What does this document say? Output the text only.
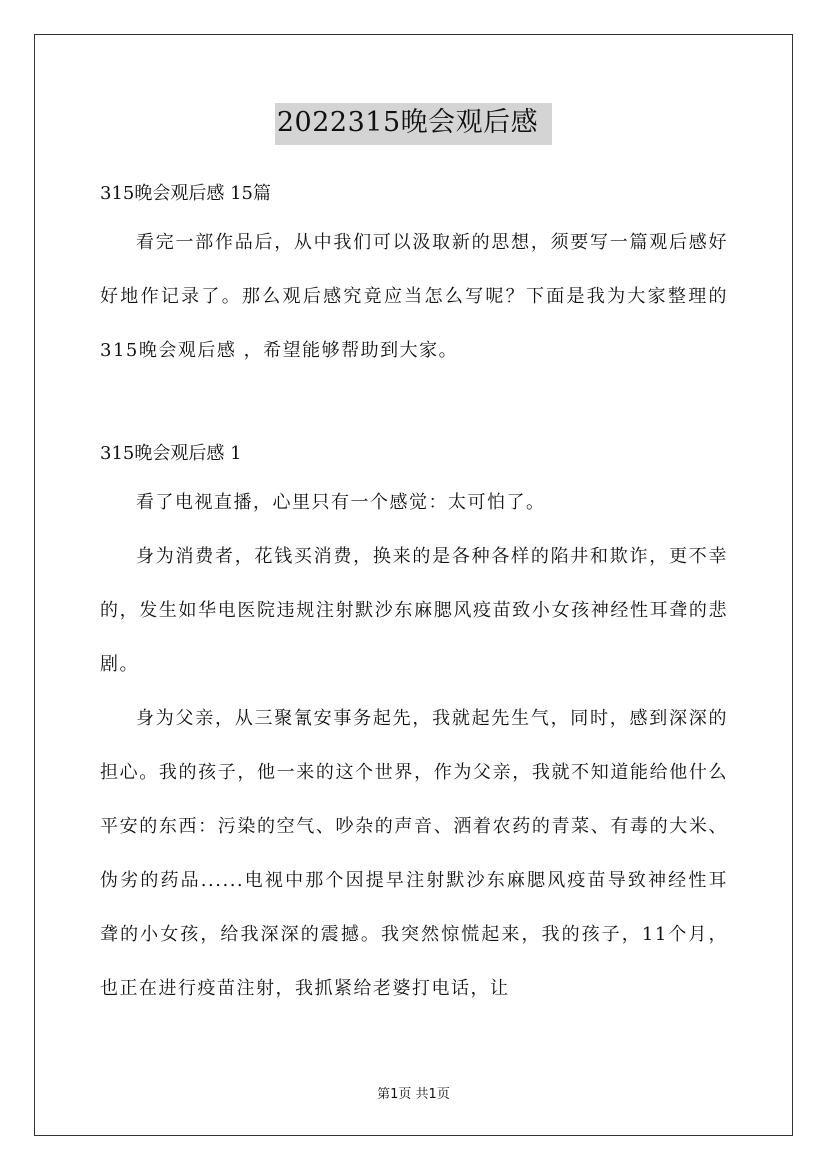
2022315晚会观后感

315晚会观后感 15篇

看完一部作品后，从中我们可以汲取新的思想，须要写一篇观后感好好地作记录了。那么观后感究竟应当怎么写呢？下面是我为大家整理的315晚会观后感 ，希望能够帮助到大家。

315晚会观后感 1

看了电视直播，心里只有一个感觉：太可怕了。

身为消费者，花钱买消费，换来的是各种各样的陷井和欺诈，更不幸的，发生如华电医院违规注射默沙东麻腮风疫苗致小女孩神经性耳聋的悲剧。

身为父亲，从三聚氰安事务起先，我就起先生气，同时，感到深深的担心。我的孩子，他一来的这个世界，作为父亲，我就不知道能给他什么平安的东西：污染的空气、吵杂的声音、洒着农药的青菜、有毒的大米、伪劣的药品......电视中那个因提早注射默沙东麻腮风疫苗导致神经性耳聋的小女孩，给我深深的震撼。我突然惊慌起来，我的孩子，11个月，也正在进行疫苗注射，我抓紧给老婆打电话，让

第1页 共1页
